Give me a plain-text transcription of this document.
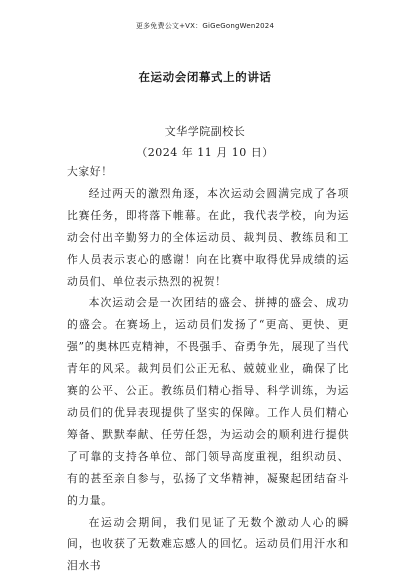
更多免费公文+VX：GiGeGongWen2024
在运动会闭幕式上的讲话
文华学院副校长
（2024 年 11 月 10 日）

大家好！

经过两天的激烈角逐，本次运动会圆满完成了各项比赛任务，即将落下帷幕。在此，我代表学校，向为运动会付出辛勤努力的全体运动员、裁判员、教练员和工作人员表示衷心的感谢！向在比赛中取得优异成绩的运动员们、单位表示热烈的祝贺！

本次运动会是一次团结的盛会、拼搏的盛会、成功的盛会。在赛场上，运动员们发扬了“更高、更快、更强”的奥林匹克精神，不畏强手、奋勇争先，展现了当代青年的风采。裁判员们公正无私、兢兢业业，确保了比赛的公平、公正。教练员们精心指导、科学训练，为运动员们的优异表现提供了坚实的保障。工作人员们精心筹备、默默奉献、任劳任怨，为运动会的顺利进行提供了可靠的支持各单位、部门领导高度重视，组织动员、有的甚至亲自参与，弘扬了文华精神，凝聚起团结奋斗的力量。

在运动会期间，我们见证了无数个激动人心的瞬间，也收获了无数难忘感人的回忆。运动员们用汗水和泪水书
